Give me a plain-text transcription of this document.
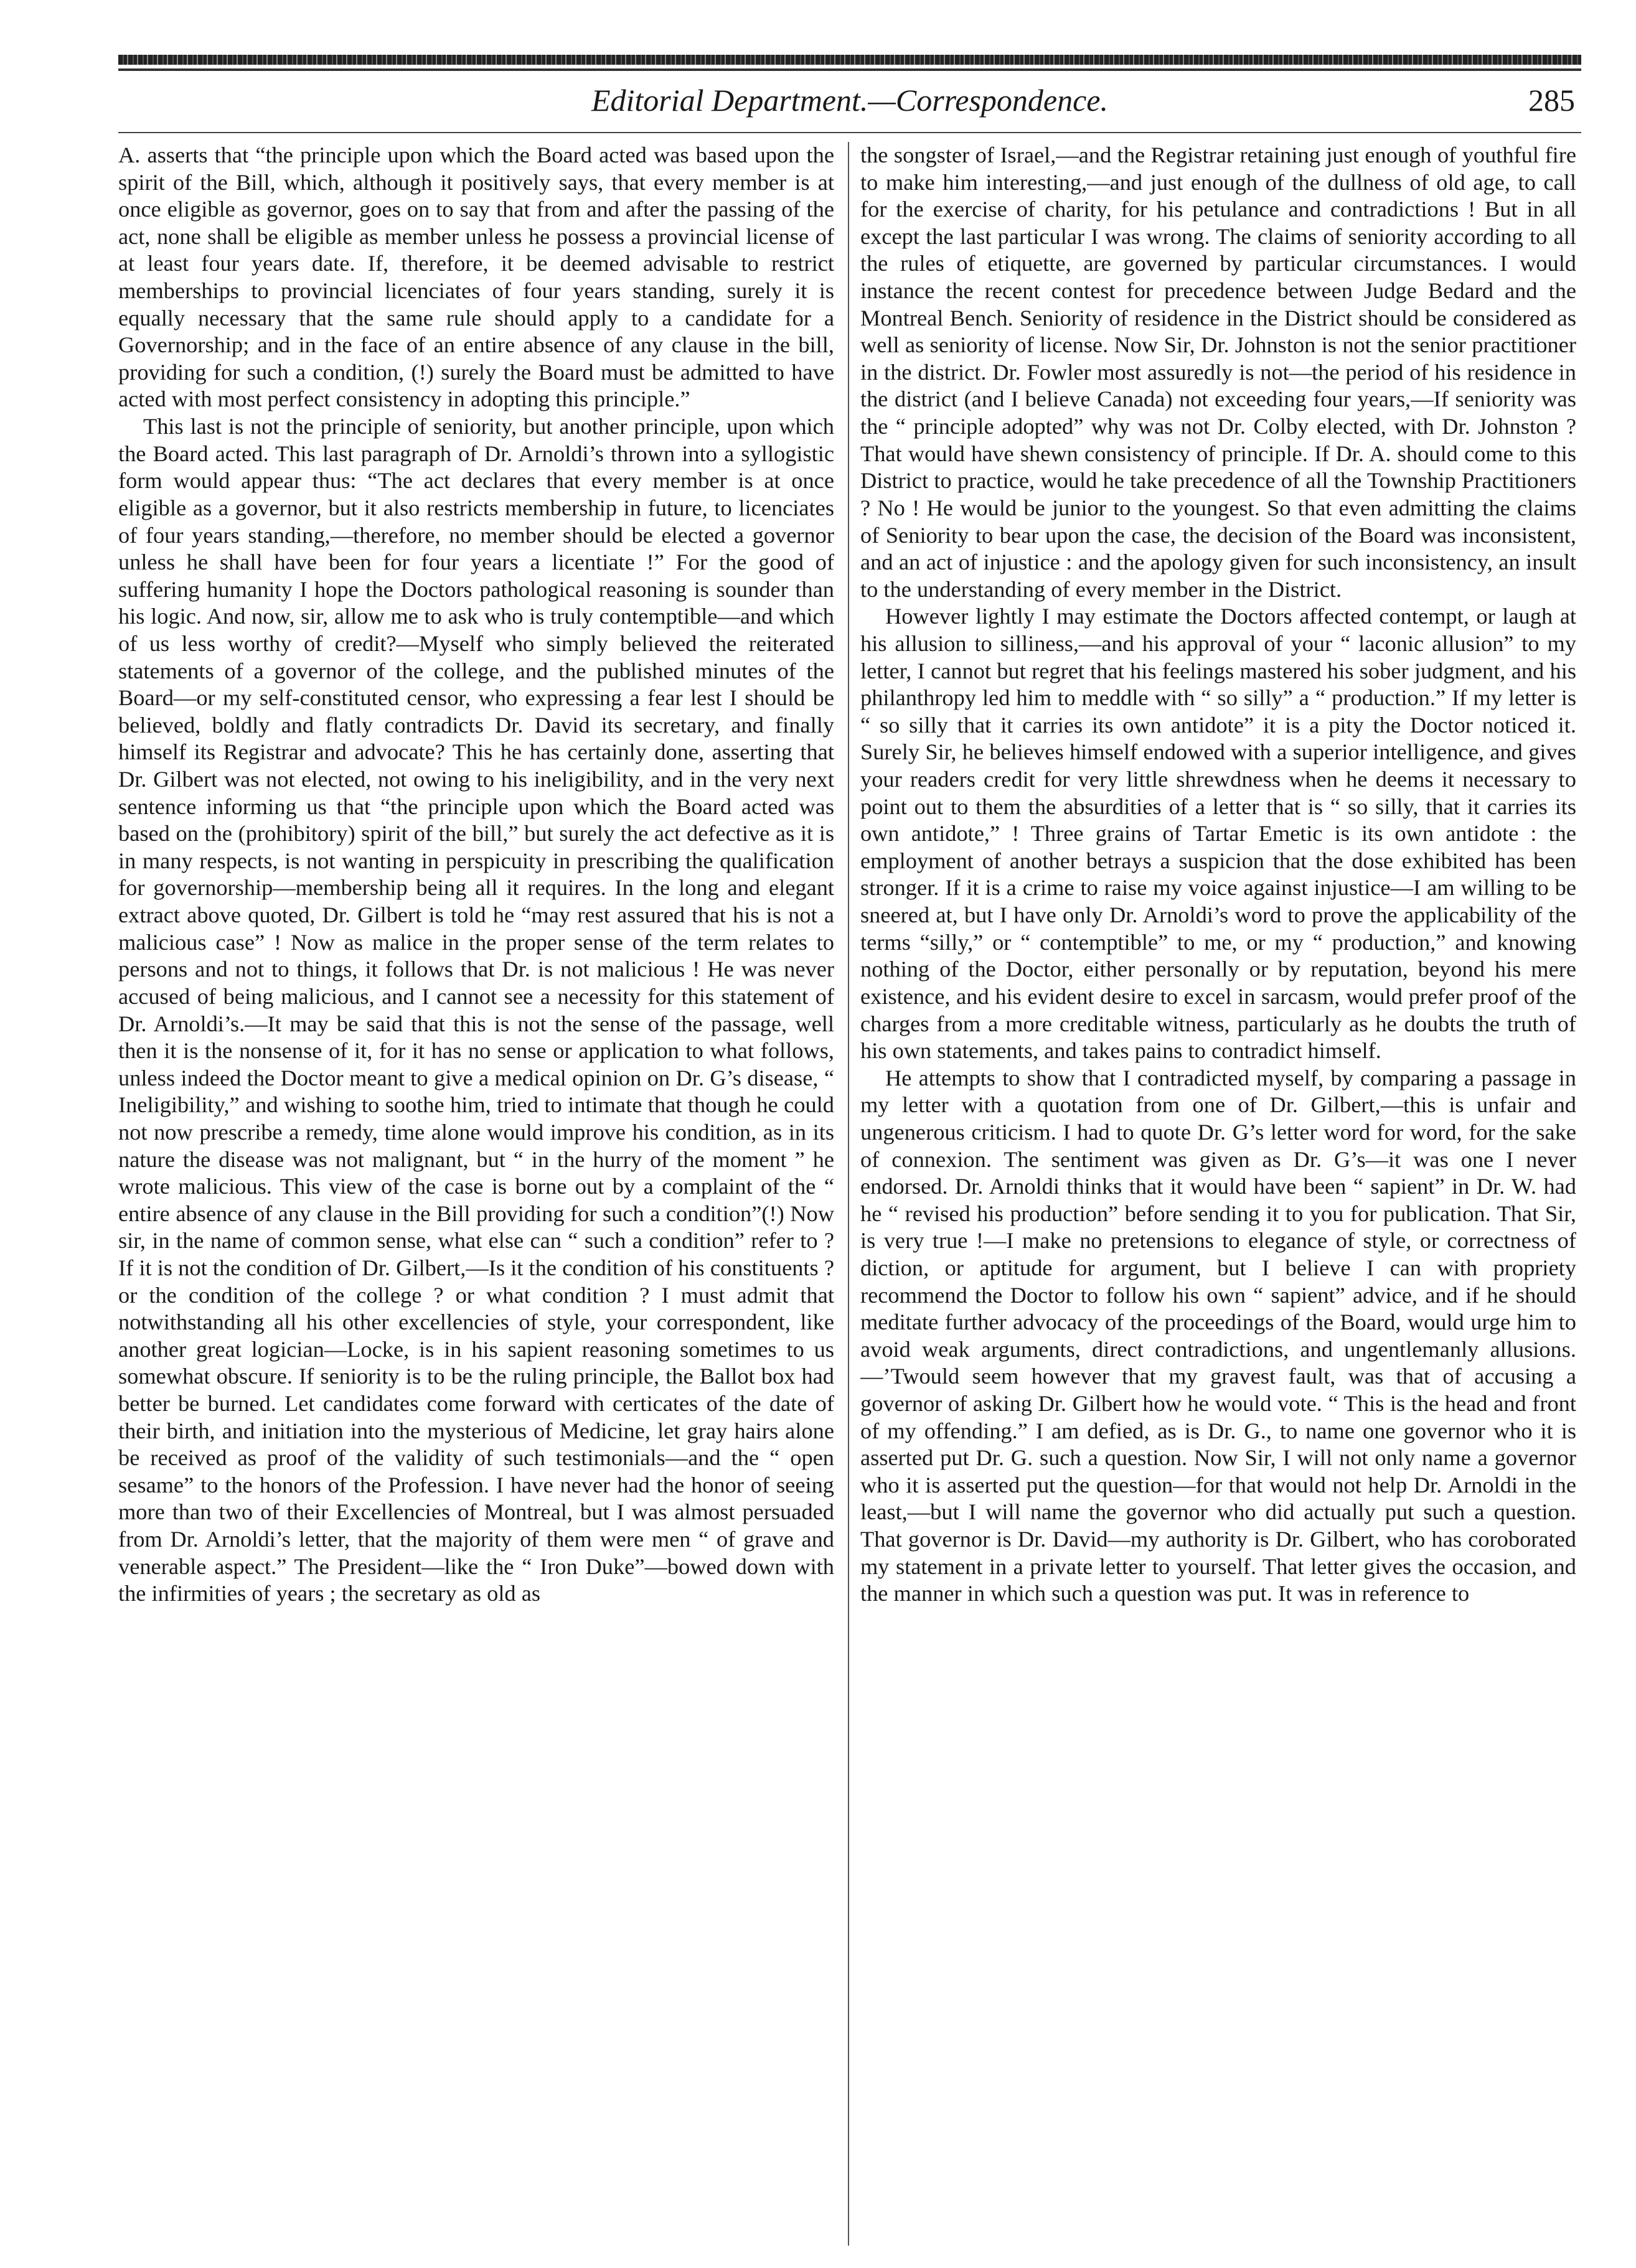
Editorial Department.—Correspondence.	285

A. asserts that “the principle upon which the Board acted was based upon the spirit of the Bill, which, although it positively says, that every member is at once eligible as governor, goes on to say that from and after the passing of the act, none shall be eligible as member unless he possess a provincial license of at least four years date. If, therefore, it be deemed advisable to restrict memberships to provincial licenciates of four years standing, surely it is equally necessary that the same rule should apply to a candidate for a Governorship; and in the face of an entire absence of any clause in the bill, providing for such a condition, (!) surely the Board must be admitted to have acted with most perfect consistency in adopting this principle.”

This last is not the principle of seniority, but another principle, upon which the Board acted. This last paragraph of Dr. Arnoldi’s thrown into a syllogistic form would appear thus: “The act declares that every member is at once eligible as a governor, but it also restricts membership in future, to licenciates of four years standing,—therefore, no member should be elected a governor unless he shall have been for four years a licentiate !” For the good of suffering humanity I hope the Doctors pathological reasoning is sounder than his logic. And now, sir, allow me to ask who is truly contemptible—and which of us less worthy of credit?—Myself who simply believed the reiterated statements of a governor of the college, and the published minutes of the Board—or my self-constituted censor, who expressing a fear lest I should be believed, boldly and flatly contradicts Dr. David its secretary, and finally himself its Registrar and advocate? This he has certainly done, asserting that Dr. Gilbert was not elected, not owing to his ineligibility, and in the very next sentence informing us that “the principle upon which the Board acted was based on the (prohibitory) spirit of the bill,” but surely the act defective as it is in many respects, is not wanting in perspicuity in prescribing the qualification for governorship—membership being all it requires. In the long and elegant extract above quoted, Dr. Gilbert is told he “may rest assured that his is not a malicious case” ! Now as malice in the proper sense of the term relates to persons and not to things, it follows that Dr. is not malicious ! He was never accused of being malicious, and I cannot see a necessity for this statement of Dr. Arnoldi’s.—It may be said that this is not the sense of the passage, well then it is the nonsense of it, for it has no sense or application to what follows, unless indeed the Doctor meant to give a medical opinion on Dr. G’s disease, “ Ineligibility,” and wishing to soothe him, tried to intimate that though he could not now prescribe a remedy, time alone would improve his condition, as in its nature the disease was not malignant, but “ in the hurry of the moment ” he wrote malicious. This view of the case is borne out by a complaint of the “ entire absence of any clause in the Bill providing for such a condition”(!) Now sir, in the name of common sense, what else can “ such a condition” refer to ? If it is not the condition of Dr. Gilbert,—Is it the condition of his constituents ? or the condition of the college ? or what condition ? I must admit that notwithstanding all his other excellencies of style, your correspondent, like another great logician—Locke, is in his sapient reasoning sometimes to us somewhat obscure. If seniority is to be the ruling principle, the Ballot box had better be burned. Let candidates come forward with certicates of the date of their birth, and initiation into the mysterious of Medicine, let gray hairs alone be received as proof of the validity of such testimonials—and the “ open sesame” to the honors of the Profession. I have never had the honor of seeing more than two of their Excellencies of Montreal, but I was almost persuaded from Dr. Arnoldi’s letter, that the majority of them were men “ of grave and venerable aspect.” The President—like the “ Iron Duke”—bowed down with the infirmities of years ; the secretary as old as

the songster of Israel,—and the Registrar retaining just enough of youthful fire to make him interesting,—and just enough of the dullness of old age, to call for the exercise of charity, for his petulance and contradictions ! But in all except the last particular I was wrong. The claims of seniority according to all the rules of etiquette, are governed by particular circumstances. I would instance the recent contest for precedence between Judge Bedard and the Montreal Bench. Seniority of residence in the District should be considered as well as seniority of license. Now Sir, Dr. Johnston is not the senior practitioner in the district. Dr. Fowler most assuredly is not—the period of his residence in the district (and I believe Canada) not exceeding four years,—If seniority was the “ principle adopted” why was not Dr. Colby elected, with Dr. Johnston ? That would have shewn consistency of principle. If Dr. A. should come to this District to practice, would he take precedence of all the Township Practitioners ? No ! He would be junior to the youngest. So that even admitting the claims of Seniority to bear upon the case, the decision of the Board was inconsistent, and an act of injustice : and the apology given for such inconsistency, an insult to the understanding of every member in the District.

However lightly I may estimate the Doctors affected contempt, or laugh at his allusion to silliness,—and his approval of your “ laconic allusion” to my letter, I cannot but regret that his feelings mastered his sober judgment, and his philanthropy led him to meddle with “ so silly” a “ production.” If my letter is “ so silly that it carries its own antidote” it is a pity the Doctor noticed it. Surely Sir, he believes himself endowed with a superior intelligence, and gives your readers credit for very little shrewdness when he deems it necessary to point out to them the absurdities of a letter that is “ so silly, that it carries its own antidote,” ! Three grains of Tartar Emetic is its own antidote : the employment of another betrays a suspicion that the dose exhibited has been stronger. If it is a crime to raise my voice against injustice—I am willing to be sneered at, but I have only Dr. Arnoldi’s word to prove the applicability of the terms “silly,” or “ contemptible” to me, or my “ production,” and knowing nothing of the Doctor, either personally or by reputation, beyond his mere existence, and his evident desire to excel in sarcasm, would prefer proof of the charges from a more creditable witness, particularly as he doubts the truth of his own statements, and takes pains to contradict himself.

He attempts to show that I contradicted myself, by comparing a passage in my letter with a quotation from one of Dr. Gilbert,—this is unfair and ungenerous criticism. I had to quote Dr. G’s letter word for word, for the sake of connexion. The sentiment was given as Dr. G’s—it was one I never endorsed. Dr. Arnoldi thinks that it would have been “ sapient” in Dr. W. had he “ revised his production” before sending it to you for publication. That Sir, is very true !—I make no pretensions to elegance of style, or correctness of diction, or aptitude for argument, but I believe I can with propriety recommend the Doctor to follow his own “ sapient” advice, and if he should meditate further advocacy of the proceedings of the Board, would urge him to avoid weak arguments, direct contradictions, and ungentlemanly allusions.—’Twould seem however that my gravest fault, was that of accusing a governor of asking Dr. Gilbert how he would vote. “ This is the head and front of my offending.” I am defied, as is Dr. G., to name one governor who it is asserted put Dr. G. such a question. Now Sir, I will not only name a governor who it is asserted put the question—for that would not help Dr. Arnoldi in the least,—but I will name the governor who did actually put such a question. That governor is Dr. David—my authority is Dr. Gilbert, who has coroborated my statement in a private letter to yourself. That letter gives the occasion, and the manner in which such a question was put. It was in reference to
